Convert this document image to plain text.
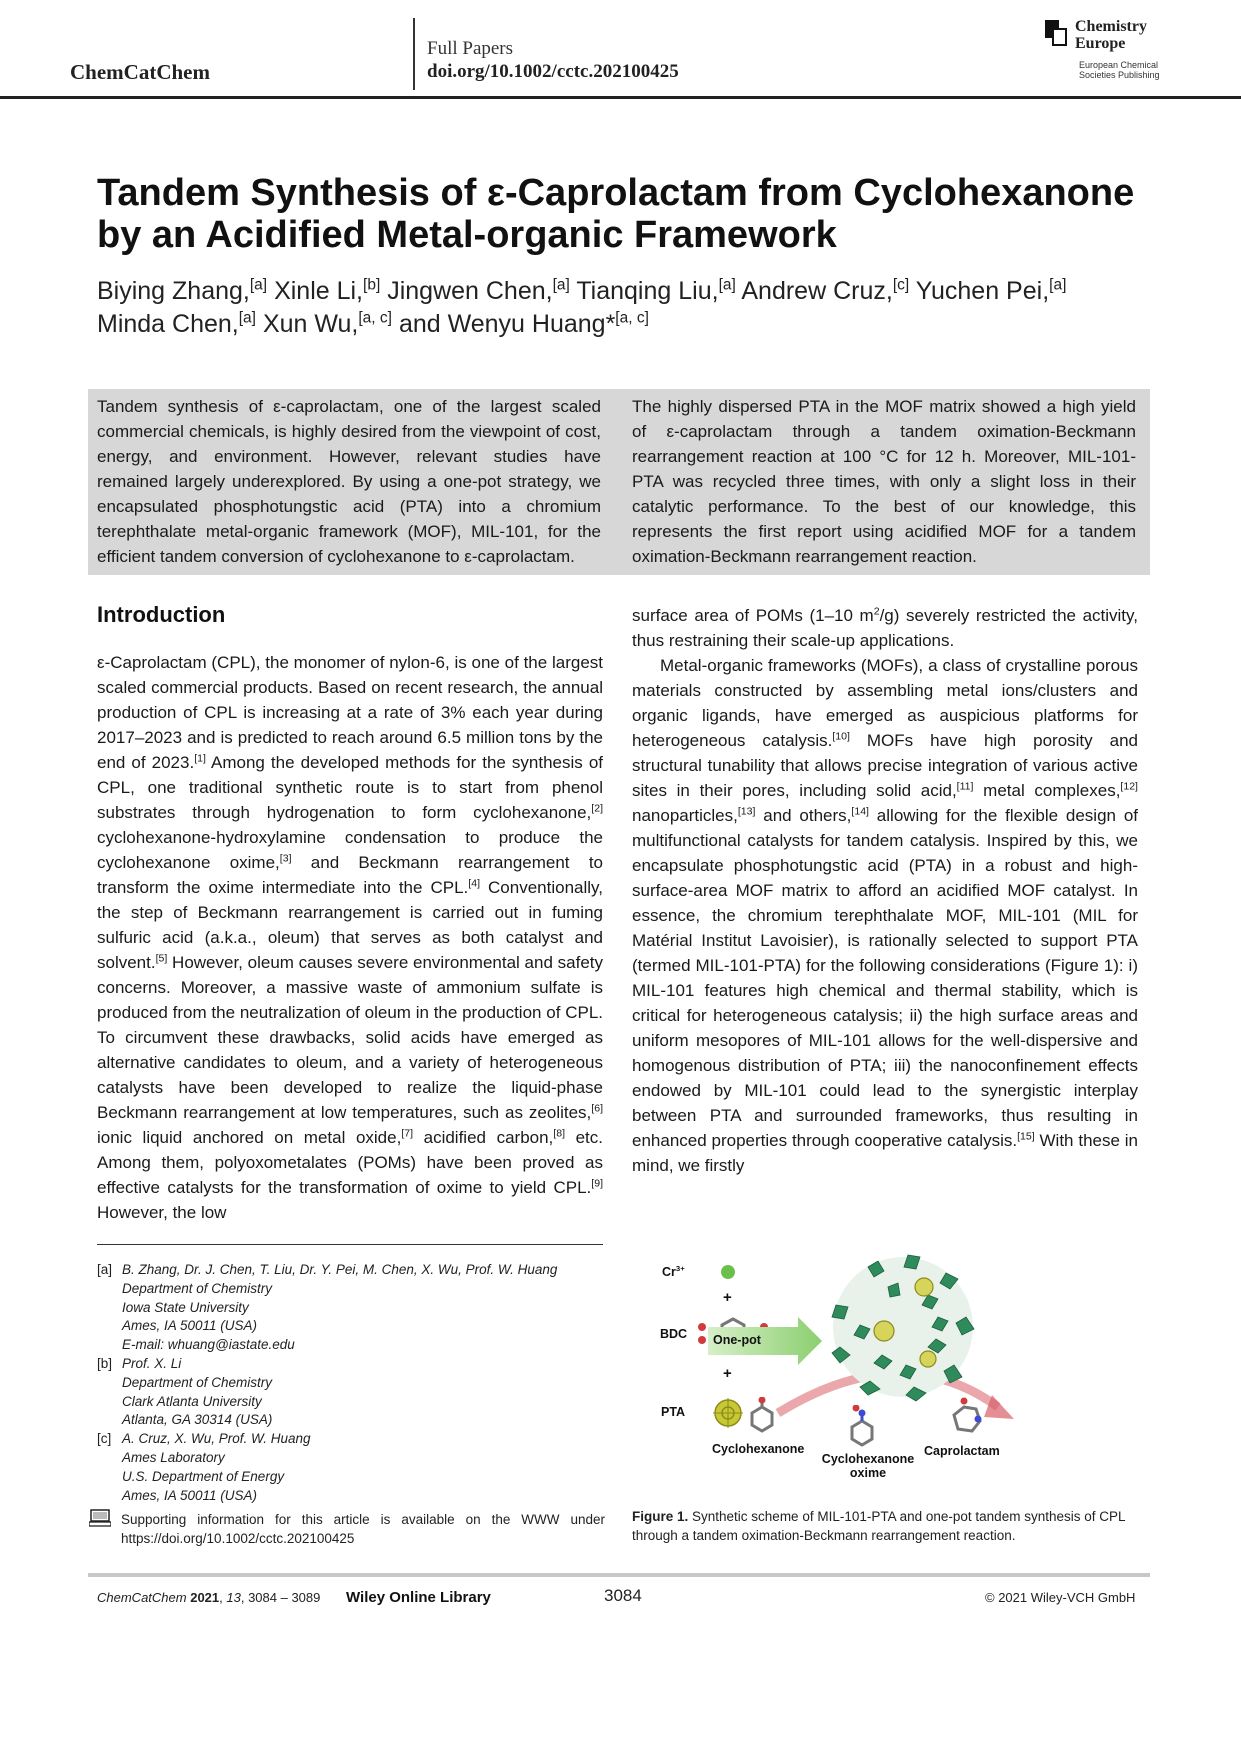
ChemCatChem
Full Papers
doi.org/10.1002/cctc.202100425
Chemistry
Europe
European Chemical
Societies Publishing
Tandem Synthesis of ε-Caprolactam from Cyclohexanone
by an Acidified Metal-organic Framework
Biying Zhang,[a] Xinle Li,[b] Jingwen Chen,[a] Tianqing Liu,[a] Andrew Cruz,[c] Yuchen Pei,[a]
Minda Chen,[a] Xun Wu,[a, c] and Wenyu Huang*[a, c]
Tandem synthesis of ε-caprolactam, one of the largest scaled commercial chemicals, is highly desired from the viewpoint of cost, energy, and environment. However, relevant studies have remained largely underexplored. By using a one-pot strategy, we encapsulated phosphotungstic acid (PTA) into a chromium terephthalate metal-organic framework (MOF), MIL-101, for the efficient tandem conversion of cyclohexanone to ε-caprolactam.
The highly dispersed PTA in the MOF matrix showed a high yield of ε-caprolactam through a tandem oximation-Beckmann rearrangement reaction at 100 °C for 12 h. Moreover, MIL-101-PTA was recycled three times, with only a slight loss in their catalytic performance. To the best of our knowledge, this represents the first report using acidified MOF for a tandem oximation-Beckmann rearrangement reaction.
Introduction

ε-Caprolactam (CPL), the monomer of nylon-6, is one of the largest scaled commercial products. Based on recent research, the annual production of CPL is increasing at a rate of 3% each year during 2017–2023 and is predicted to reach around 6.5 million tons by the end of 2023.[1] Among the developed methods for the synthesis of CPL, one traditional synthetic route is to start from phenol substrates through hydrogenation to form cyclohexanone,[2] cyclohexanone-hydroxylamine condensation to produce the cyclohexanone oxime,[3] and Beckmann rearrangement to transform the oxime intermediate into the CPL.[4] Conventionally, the step of Beckmann rearrangement is carried out in fuming sulfuric acid (a.k.a., oleum) that serves as both catalyst and solvent.[5] However, oleum causes severe environmental and safety concerns. Moreover, a massive waste of ammonium sulfate is produced from the neutralization of oleum in the production of CPL. To circumvent these drawbacks, solid acids have emerged as alternative candidates to oleum, and a variety of heterogeneous catalysts have been developed to realize the liquid-phase Beckmann rearrangement at low temperatures, such as zeolites,[6] ionic liquid anchored on metal oxide,[7] acidified carbon,[8] etc. Among them, polyoxometalates (POMs) have been proved as effective catalysts for the transformation of oxime to yield CPL.[9] However, the low

surface area of POMs (1–10 $m^2/g$) severely restricted the activity, thus restraining their scale-up applications.

Metal-organic frameworks (MOFs), a class of crystalline porous materials constructed by assembling metal ions/clusters and organic ligands, have emerged as auspicious platforms for heterogeneous catalysis.[10] MOFs have high porosity and structural tunability that allows precise integration of various active sites in their pores, including solid acid,[11] metal complexes,[12] nanoparticles,[13] and others,[14] allowing for the flexible design of multifunctional catalysts for tandem catalysis. Inspired by this, we encapsulate phosphotungstic acid (PTA) in a robust and high-surface-area MOF matrix to afford an acidified MOF catalyst. In essence, the chromium terephthalate MOF, MIL-101 (MIL for Matérial Institut Lavoisier), is rationally selected to support PTA (termed MIL-101-PTA) for the following considerations (Figure 1): i) MIL-101 features high chemical and thermal stability, which is critical for heterogeneous catalysis; ii) the high surface areas and uniform mesopores of MIL-101 allows for the well-dispersive and homogenous distribution of PTA; iii) the nanoconfinement effects endowed by MIL-101 could lead to the synergistic interplay between PTA and surrounded frameworks, thus resulting in enhanced properties through cooperative catalysis.[15] With these in mind, we firstly

[a] B. Zhang, Dr. J. Chen, T. Liu, Dr. Y. Pei, M. Chen, X. Wu, Prof. W. Huang
Department of Chemistry
Iowa State University
Ames, IA 50011 (USA)
E-mail: whuang@iastate.edu
[b] Prof. X. Li
Department of Chemistry
Clark Atlanta University
Atlanta, GA 30314 (USA)
[c] A. Cruz, X. Wu, Prof. W. Huang
Ames Laboratory
U.S. Department of Energy
Ames, IA 50011 (USA)
Supporting information for this article is available on the WWW under https://doi.org/10.1002/cctc.202100425
$Cr^{3+}$
+
BDC
+
PTA
One-pot
Cyclohexanone
Cyclohexanone
oxime
Caprolactam
Figure 1. Synthetic scheme of MIL-101-PTA and one-pot tandem synthesis of CPL through a tandem oximation-Beckmann rearrangement reaction.
ChemCatChem 2021, 13, 3084 – 3089 Wiley Online Library	3084	© 2021 Wiley-VCH GmbH
